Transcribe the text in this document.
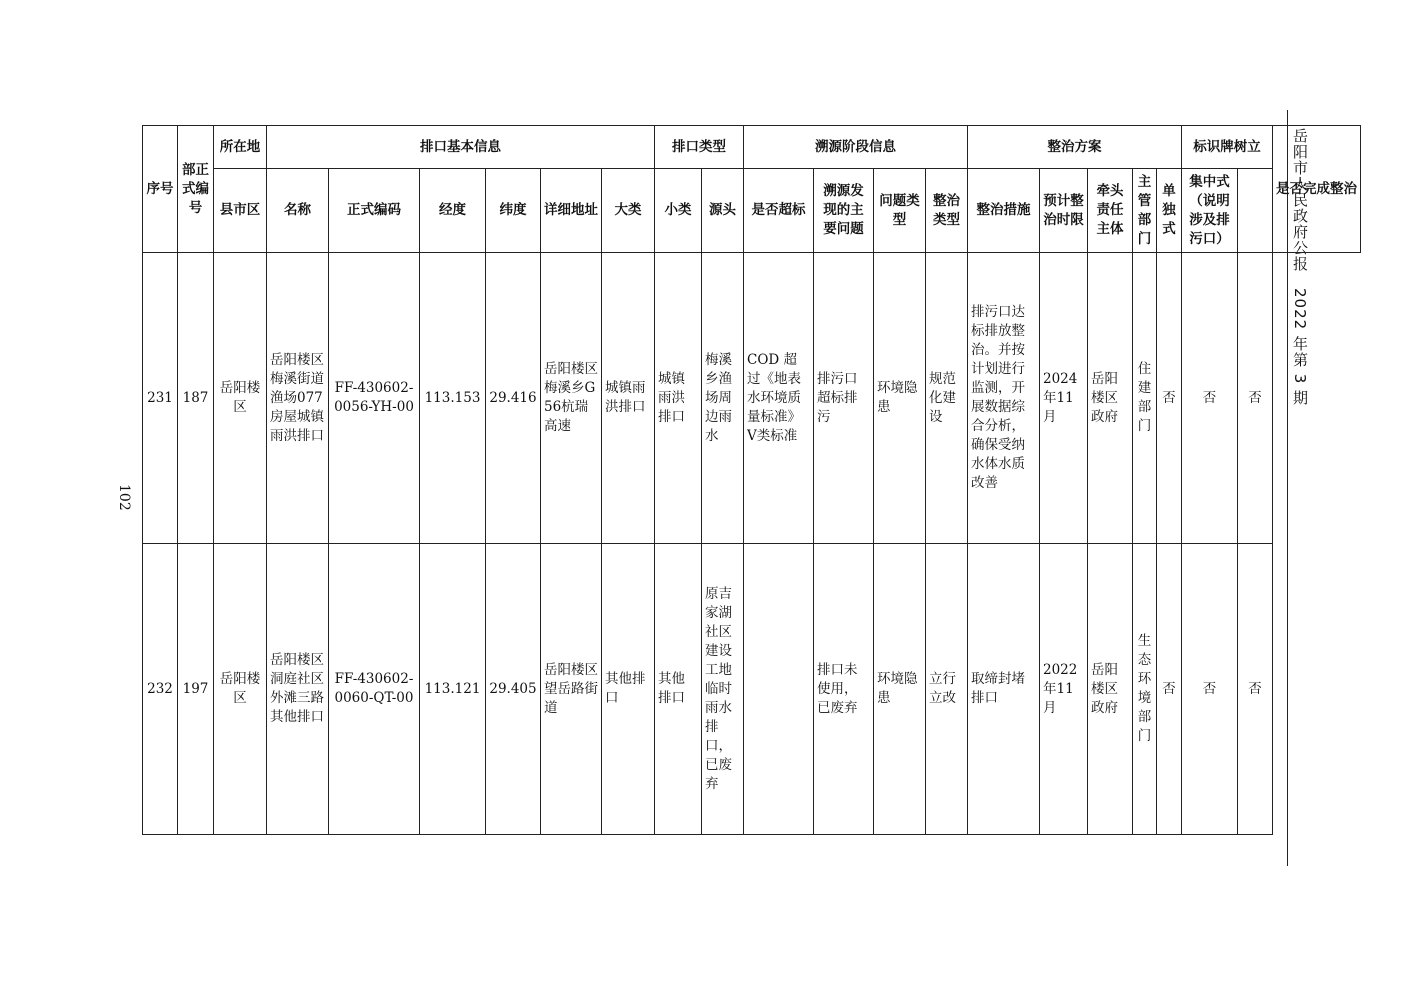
岳阳市人民政府公报　2022 年第 3 期
102
序号	部正式编号	所在地	排口基本信息						排口类型		溯源阶段信息				整治方案					标识牌树立		是否完成整治

		县市区	名称	正式编码	经度	纬度	详细地址	大类	小类	源头	是否超标	溯源发现的主要问题	问题类型	整治类型	整治措施	预计整治时限	牵头责任主体	主管部门	单独式	集中式（说明涉及排污口）		
231	187	岳阳楼区	岳阳楼区梅溪街道渔场077房屋城镇雨洪排口	FF-430602-0056-YH-00	113.153	29.416	岳阳楼区梅溪乡G56杭瑞高速	城镇雨洪排口	城镇雨洪排口	梅溪乡渔场周边雨水	COD 超过《地表水环境质量标准》V类标准	排污口超标排污	环境隐患	规范化建设	排污口达标排放整治。并按计划进行监测，开展数据综合分析，确保受纳水体水质改善	2024年11月	岳阳楼区政府	住建部门	否	否	否	
232	197	岳阳楼区	岳阳楼区洞庭社区外滩三路其他排口	FF-430602-0060-QT-00	113.121	29.405	岳阳楼区望岳路街道	其他排口	其他排口	原吉家湖社区建设工地临时雨水排口，已废弃		排口未使用，已废弃	环境隐患	立行立改	取缔封堵排口	2022年11月	岳阳楼区政府	生态环境部门	否	否	否	
